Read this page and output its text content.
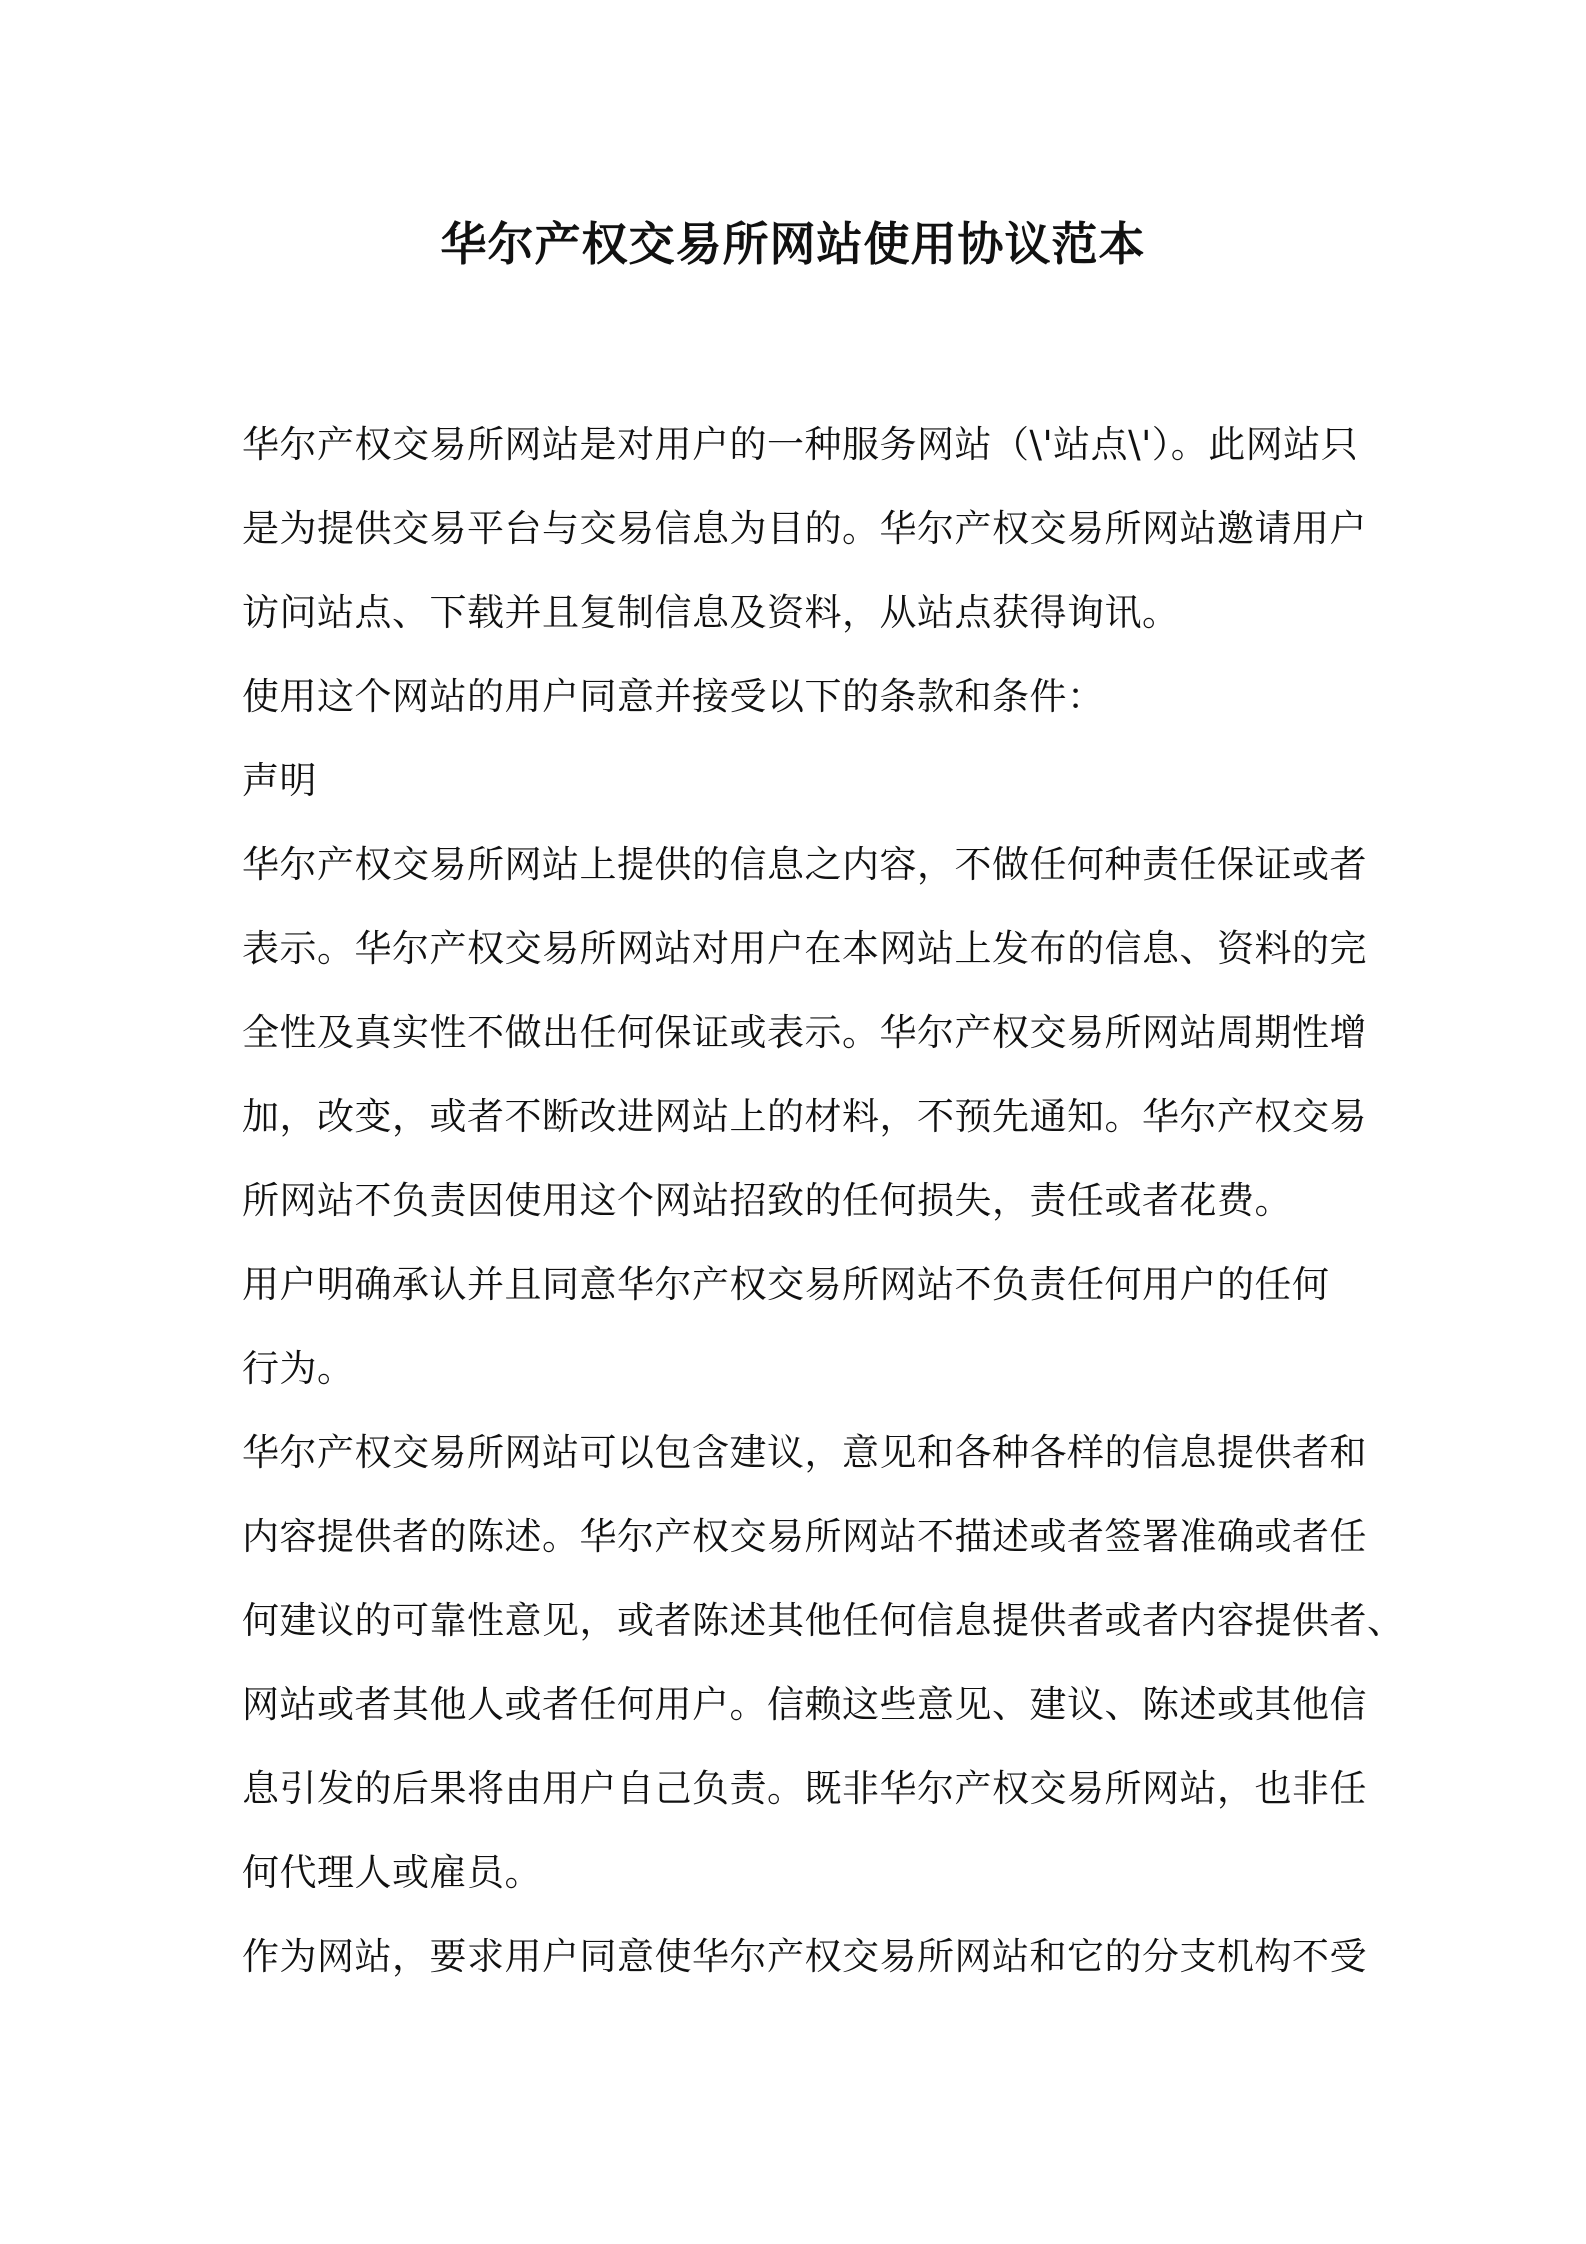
华尔产权交易所网站使用协议范本
华尔产权交易所网站是对用户的一种服务网站（\'站点\'）。此网站只
是为提供交易平台与交易信息为目的。华尔产权交易所网站邀请用户
访问站点、下载并且复制信息及资料，从站点获得询讯。
使用这个网站的用户同意并接受以下的条款和条件：
声明
华尔产权交易所网站上提供的信息之内容，不做任何种责任保证或者
表示。华尔产权交易所网站对用户在本网站上发布的信息、资料的完
全性及真实性不做出任何保证或表示。华尔产权交易所网站周期性增
加，改变，或者不断改进网站上的材料，不预先通知。华尔产权交易
所网站不负责因使用这个网站招致的任何损失，责任或者花费。
用户明确承认并且同意华尔产权交易所网站不负责任何用户的任何
行为。
华尔产权交易所网站可以包含建议，意见和各种各样的信息提供者和
内容提供者的陈述。华尔产权交易所网站不描述或者签署准确或者任
何建议的可靠性意见，或者陈述其他任何信息提供者或者内容提供者、
网站或者其他人或者任何用户。信赖这些意见、建议、陈述或其他信
息引发的后果将由用户自己负责。既非华尔产权交易所网站，也非任
何代理人或雇员。
作为网站，要求用户同意使华尔产权交易所网站和它的分支机构不受
